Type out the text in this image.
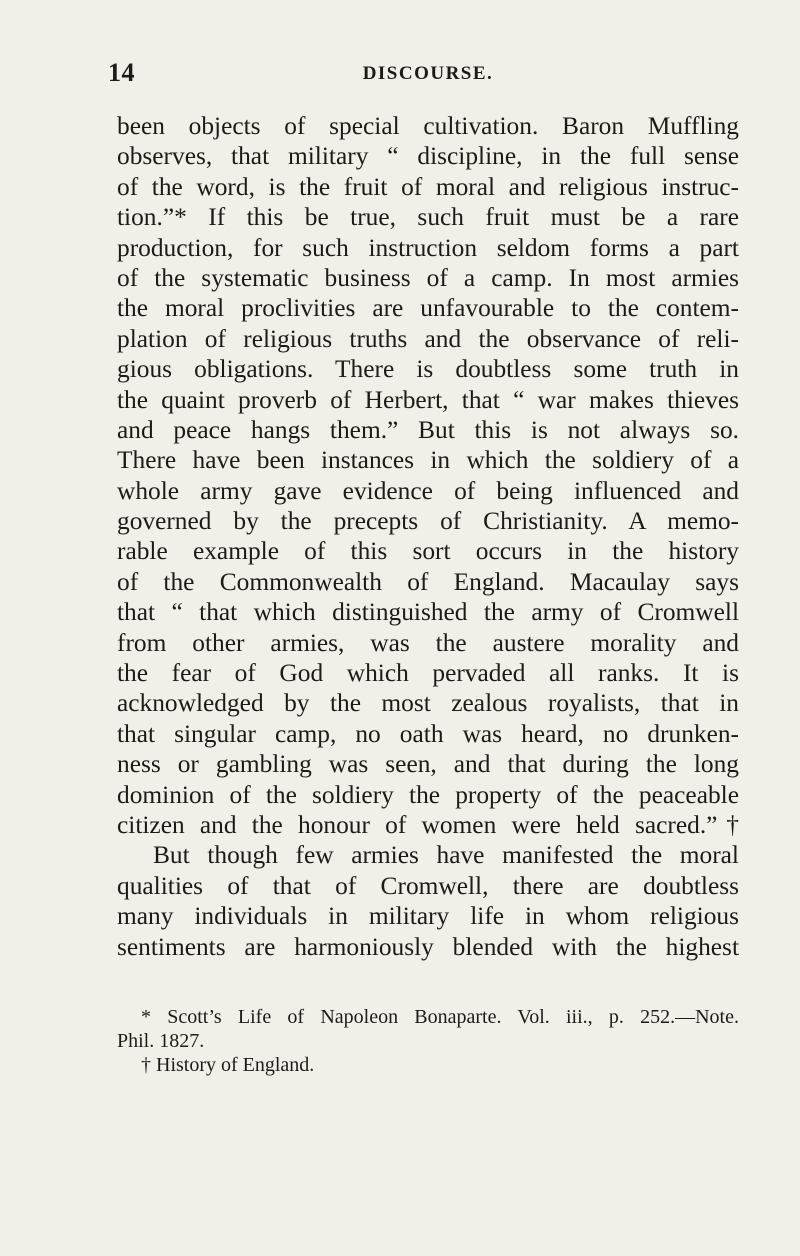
14	DISCOURSE.
been objects of special cultivation. Baron Muffling
observes, that military “ discipline, in the full sense
of the word, is the fruit of moral and religious instruc-
tion.”* If this be true, such fruit must be a rare
production, for such instruction seldom forms a part
of the systematic business of a camp. In most armies
the moral proclivities are unfavourable to the contem-
plation of religious truths and the observance of reli-
gious obligations. There is doubtless some truth in
the quaint proverb of Herbert, that “ war makes thieves
and peace hangs them.” But this is not always so.
There have been instances in which the soldiery of a
whole army gave evidence of being influenced and
governed by the precepts of Christianity. A memo-
rable example of this sort occurs in the history
of the Commonwealth of England. Macaulay says
that “ that which distinguished the army of Cromwell
from other armies, was the austere morality and
the fear of God which pervaded all ranks. It is
acknowledged by the most zealous royalists, that in
that singular camp, no oath was heard, no drunken-
ness or gambling was seen, and that during the long
dominion of the soldiery the property of the peaceable
citizen and the honour of women were held sacred.”†
But though few armies have manifested the moral
qualities of that of Cromwell, there are doubtless
many individuals in military life in whom religious
sentiments are harmoniously blended with the highest
* Scott’s Life of Napoleon Bonaparte. Vol. iii., p. 252.—Note.
Phil. 1827.
† History of England.
